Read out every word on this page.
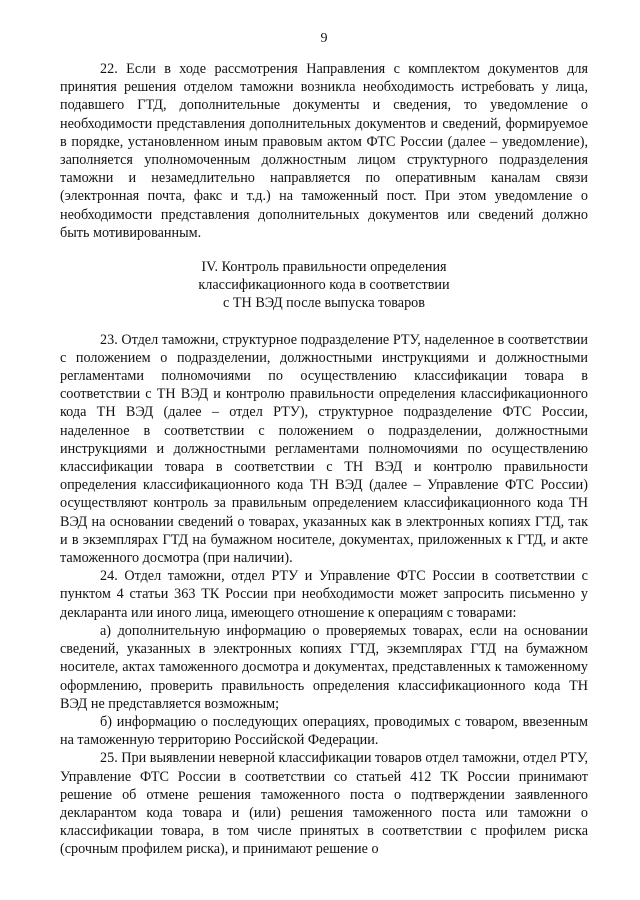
9

22. Если в ходе рассмотрения Направления с комплектом документов для принятия решения отделом таможни возникла необходимость истребовать у лица, подавшего ГТД, дополнительные документы и сведения, то уведомление о необходимости представления дополнительных документов и сведений, формируемое в порядке, установленном иным правовым актом ФТС России (далее – уведомление), заполняется уполномоченным должностным лицом структурного подразделения таможни и незамедлительно направляется по оперативным каналам связи (электронная почта, факс и т.д.) на таможенный пост. При этом уведомление о необходимости представления дополнительных документов или сведений должно быть мотивированным.

IV. Контроль правильности определения
классификационного кода в соответствии
с ТН ВЭД после выпуска товаров

23. Отдел таможни, структурное подразделение РТУ, наделенное в соответствии с положением о подразделении, должностными инструкциями и должностными регламентами полномочиями по осуществлению классификации товара в соответствии с ТН ВЭД и контролю правильности определения классификационного кода ТН ВЭД (далее – отдел РТУ), структурное подразделение ФТС России, наделенное в соответствии с положением о подразделении, должностными инструкциями и должностными регламентами полномочиями по осуществлению классификации товара в соответствии с ТН ВЭД и контролю правильности определения классификационного кода ТН ВЭД (далее – Управление ФТС России) осуществляют контроль за правильным определением классификационного кода ТН ВЭД на основании сведений о товарах, указанных как в электронных копиях ГТД, так и в экземплярах ГТД на бумажном носителе, документах, приложенных к ГТД, и акте таможенного досмотра (при наличии).

24. Отдел таможни, отдел РТУ и Управление ФТС России в соответствии с пунктом 4 статьи 363 ТК России при необходимости может запросить письменно у декларанта или иного лица, имеющего отношение к операциям с товарами:

а) дополнительную информацию о проверяемых товарах, если на основании сведений, указанных в электронных копиях ГТД, экземплярах ГТД на бумажном носителе, актах таможенного досмотра и документах, представленных к таможенному оформлению, проверить правильность определения классификационного кода ТН ВЭД не представляется возможным;

б) информацию о последующих операциях, проводимых с товаром, ввезенным на таможенную территорию Российской Федерации.

25. При выявлении неверной классификации товаров отдел таможни, отдел РТУ, Управление ФТС России в соответствии со статьей 412 ТК России принимают решение об отмене решения таможенного поста о подтверждении заявленного декларантом кода товара и (или) решения таможенного поста или таможни о классификации товара, в том числе принятых в соответствии с профилем риска (срочным профилем риска), и принимают решение о
